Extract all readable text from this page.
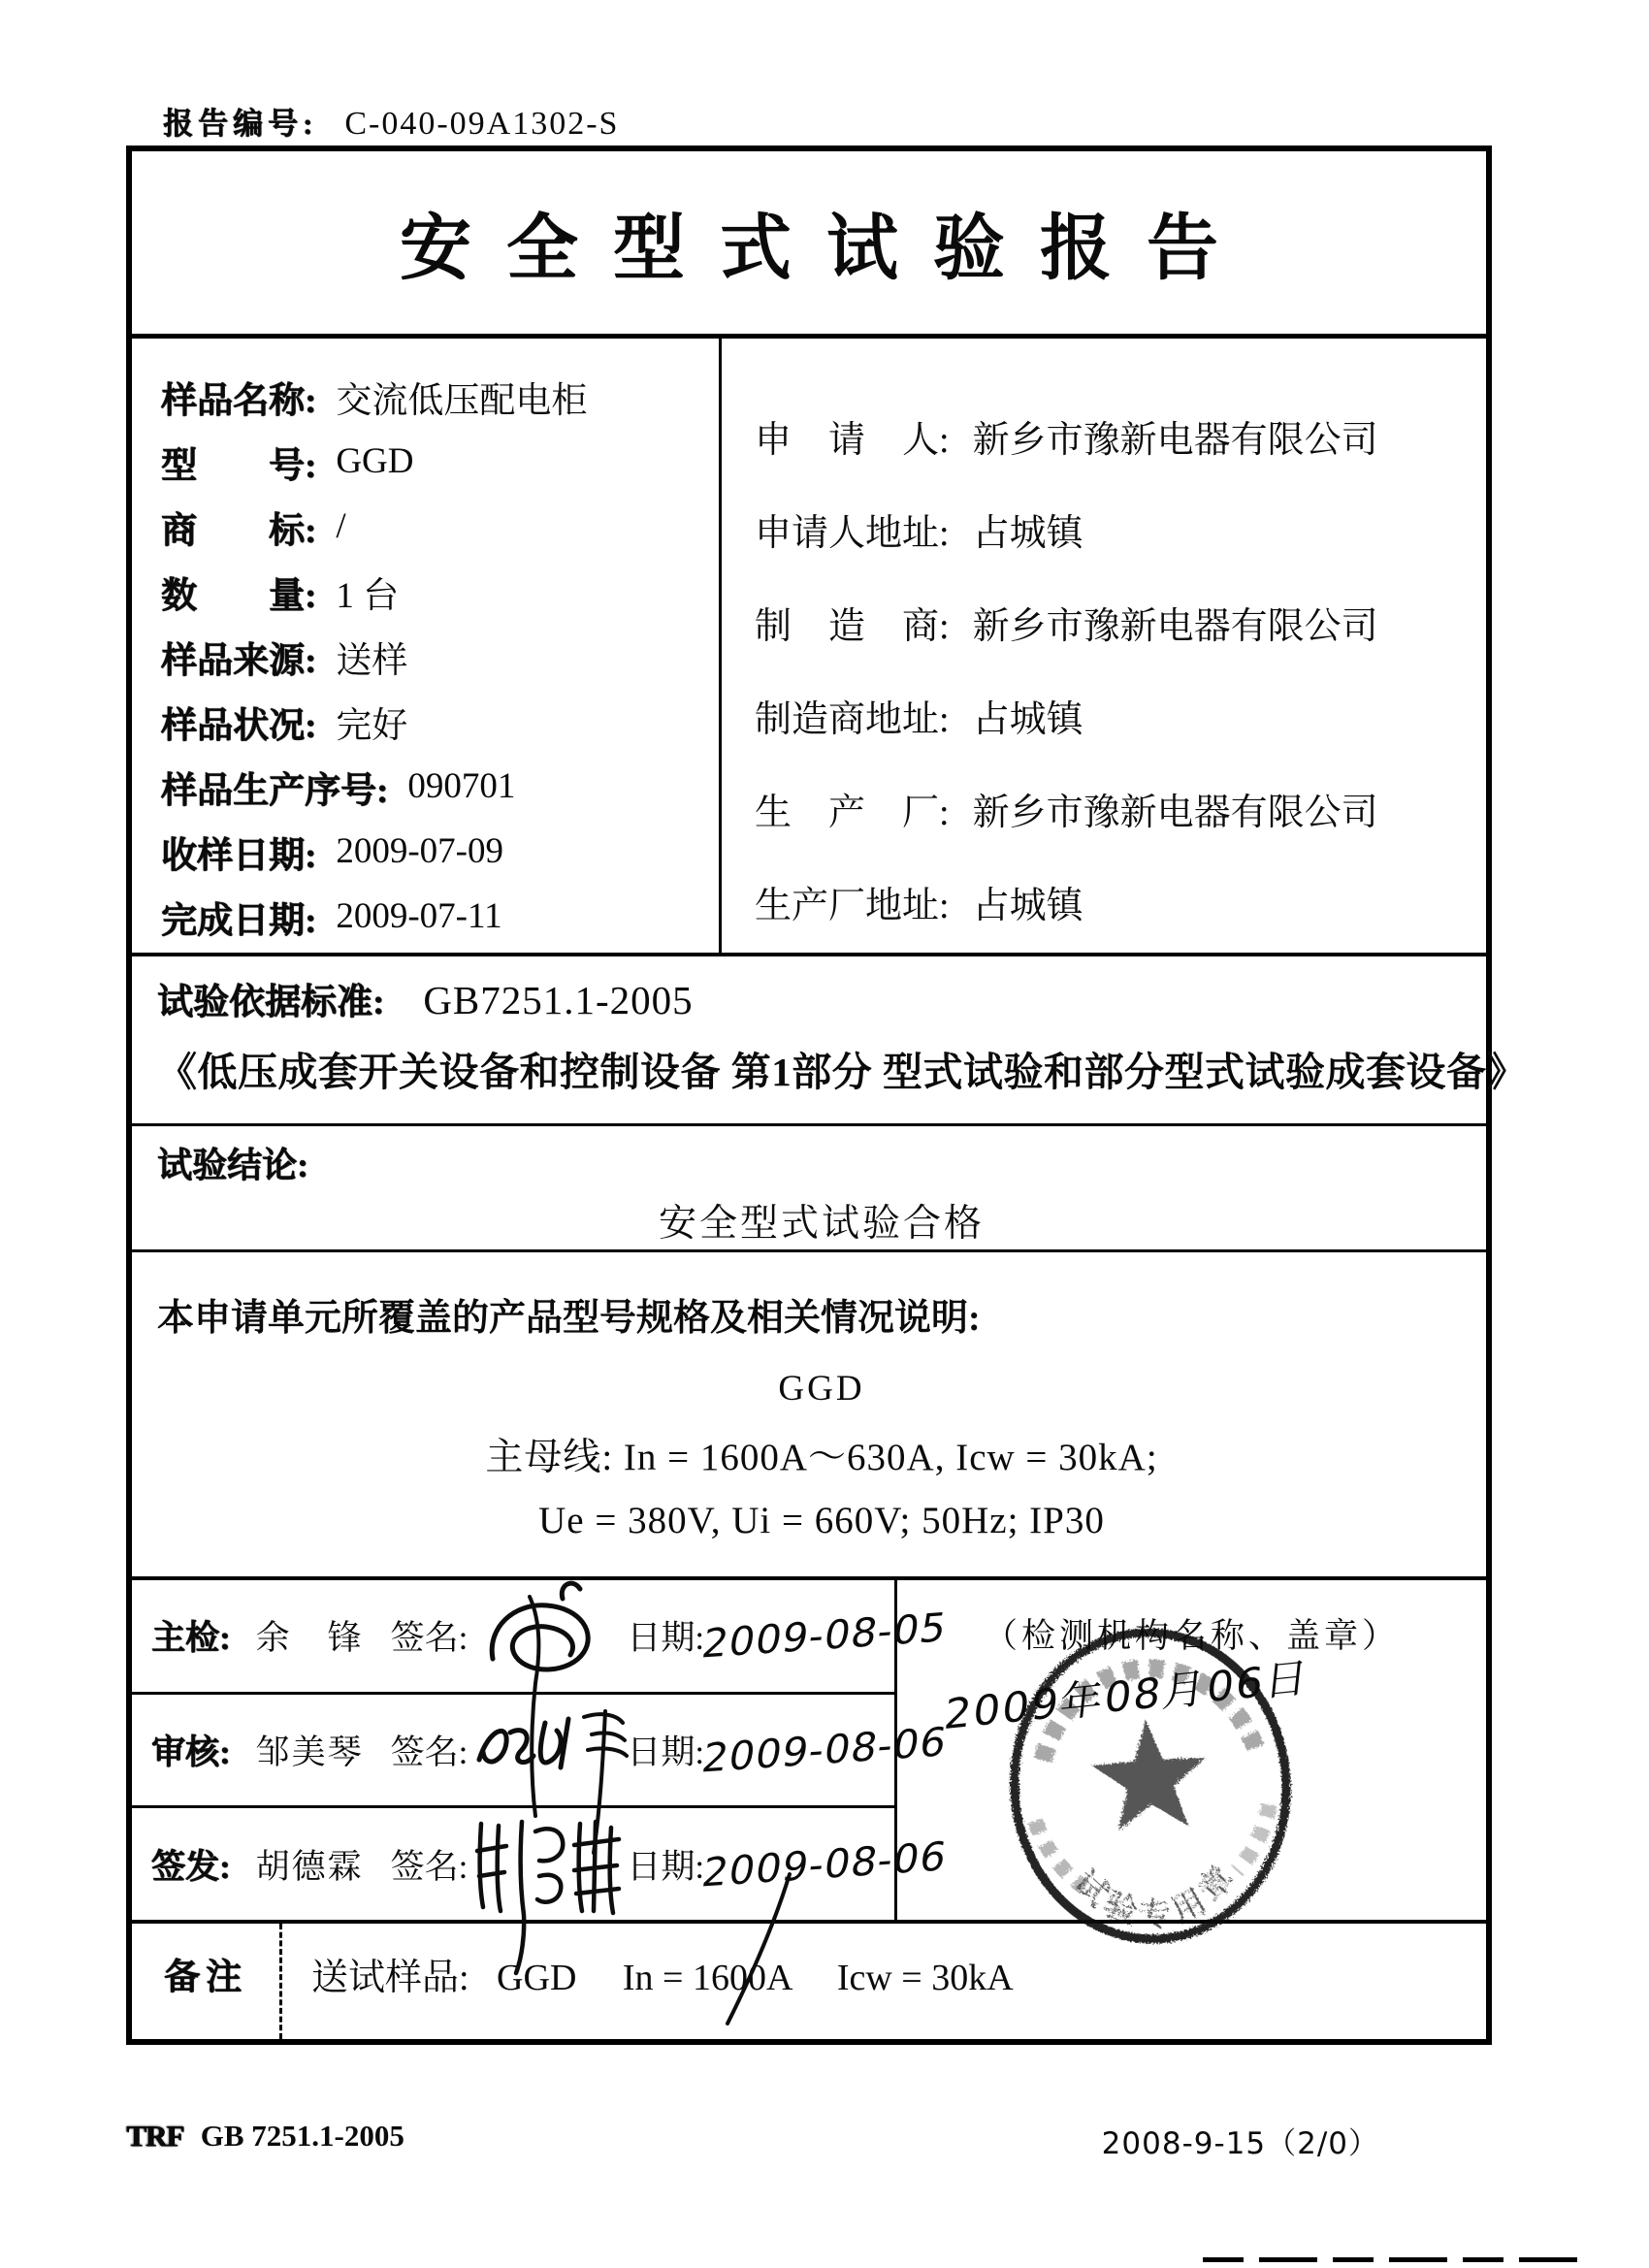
报告编号: C-040-09A1302-S
安全型式试验报告
样品名称: 交流低压配电柜
型　　号: GGD
商　　标: /
数　　量: 1 台
样品来源: 送样
样品状况: 完好
样品生产序号: 090701
收样日期: 2009-07-09
完成日期: 2009-07-11
申　请　人: 新乡市豫新电器有限公司
申请人地址: 占城镇
制　造　商: 新乡市豫新电器有限公司
制造商地址: 占城镇
生　产　厂: 新乡市豫新电器有限公司
生产厂地址: 占城镇
试验依据标准: GB7251.1-2005
《低压成套开关设备和控制设备 第1部分 型式试验和部分型式试验成套设备》
试验结论:
安全型式试验合格
本申请单元所覆盖的产品型号规格及相关情况说明:
GGD
主母线: In = 1600A～630A, Icw = 30kA;
Ue = 380V, Ui = 660V; 50Hz; IP30
主检: 余　锋 签名:	日期:
2009-08-05
审核: 邹美琴 签名:	日期:
2009-08-06
签发: 胡德霖 签名:	日期:
2009-08-06
（检测机构名称、盖章）
2009年08月06日
试验专用章
备注	送试样品:   GGD     In = 1600A     Icw = 30kA
TRF GB 7251.1-2005	2008-9-15（2/0）
